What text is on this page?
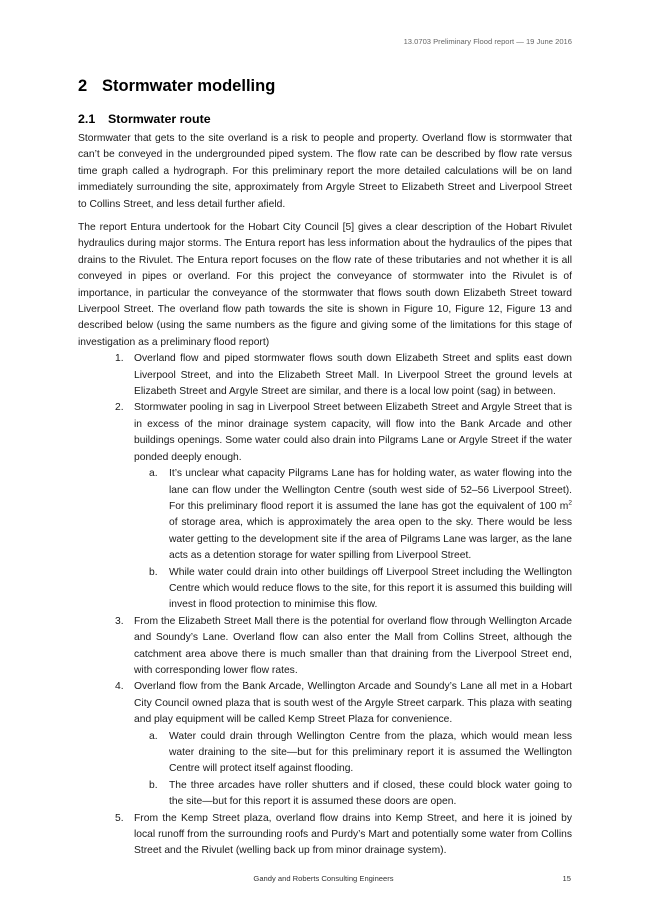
13.0703 Preliminary Flood report — 19 June 2016
2 Stormwater modelling
2.1 Stormwater route
Stormwater that gets to the site overland is a risk to people and property. Overland flow is stormwater that can’t be conveyed in the undergrounded piped system. The flow rate can be described by flow rate versus time graph called a hydrograph. For this preliminary report the more detailed calculations will be on land immediately surrounding the site, approximately from Argyle Street to Elizabeth Street and Liverpool Street to Collins Street, and less detail further afield.
The report Entura undertook for the Hobart City Council [5] gives a clear description of the Hobart Rivulet hydraulics during major storms. The Entura report has less information about the hydraulics of the pipes that drains to the Rivulet. The Entura report focuses on the flow rate of these tributaries and not whether it is all conveyed in pipes or overland. For this project the conveyance of stormwater into the Rivulet is of importance, in particular the conveyance of the stormwater that flows south down Elizabeth Street toward Liverpool Street. The overland flow path towards the site is shown in Figure 10, Figure 12, Figure 13 and described below (using the same numbers as the figure and giving some of the limitations for this stage of investigation as a preliminary flood report)
1. Overland flow and piped stormwater flows south down Elizabeth Street and splits east down Liverpool Street, and into the Elizabeth Street Mall. In Liverpool Street the ground levels at Elizabeth Street and Argyle Street are similar, and there is a local low point (sag) in between.
2. Stormwater pooling in sag in Liverpool Street between Elizabeth Street and Argyle Street that is in excess of the minor drainage system capacity, will flow into the Bank Arcade and other buildings openings. Some water could also drain into Pilgrams Lane or Argyle Street if the water ponded deeply enough.
a. It’s unclear what capacity Pilgrams Lane has for holding water, as water flowing into the lane can flow under the Wellington Centre (south west side of 52–56 Liverpool Street). For this preliminary flood report it is assumed the lane has got the equivalent of 100 $m^2$ of storage area, which is approximately the area open to the sky. There would be less water getting to the development site if the area of Pilgrams Lane was larger, as the lane acts as a detention storage for water spilling from Liverpool Street.
b. While water could drain into other buildings off Liverpool Street including the Wellington Centre which would reduce flows to the site, for this report it is assumed this building will invest in flood protection to minimise this flow.
3. From the Elizabeth Street Mall there is the potential for overland flow through Wellington Arcade and Soundy’s Lane. Overland flow can also enter the Mall from Collins Street, although the catchment area above there is much smaller than that draining from the Liverpool Street end, with corresponding lower flow rates.
4. Overland flow from the Bank Arcade, Wellington Arcade and Soundy’s Lane all met in a Hobart City Council owned plaza that is south west of the Argyle Street carpark. This plaza with seating and play equipment will be called Kemp Street Plaza for convenience.
a. Water could drain through Wellington Centre from the plaza, which would mean less water draining to the site—but for this preliminary report it is assumed the Wellington Centre will protect itself against flooding.
b. The three arcades have roller shutters and if closed, these could block water going to the site—but for this report it is assumed these doors are open.
5. From the Kemp Street plaza, overland flow drains into Kemp Street, and here it is joined by local runoff from the surrounding roofs and Purdy’s Mart and potentially some water from Collins Street and the Rivulet (welling back up from minor drainage system).
Gandy and Roberts Consulting Engineers	15
